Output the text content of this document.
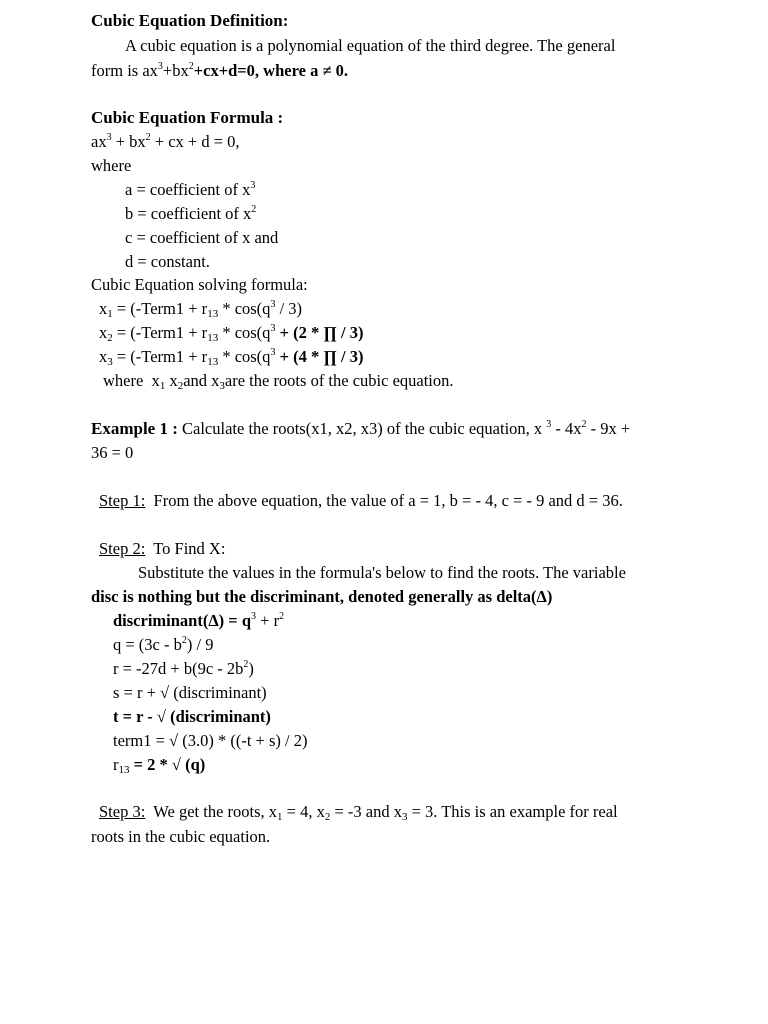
Cubic Equation Definition:
A cubic equation is a polynomial equation of the third degree. The general
form is $ax^3+bx^2+cx+d=0$, where a ≠ 0.
Cubic Equation Formula :
$ax^3 + bx^2$ + cx + d = 0,
where
a = coefficient of $x^3$
b = coefficient of $x^2$
c = coefficient of x and
d = constant.
Cubic Equation solving formula:
$x_1$ = (-Term1 + $r_{13} * \cos(q^3 / 3)$
$x_2$ = (-Term1 + $r_{13} * \cos(q^3 + (2$ * ∏ / 3)
$x_3$ = (-Term1 + $r_{13} * \cos(q^3 + (4$ * ∏ / 3)
where  $x_1$ $x_2and$ $x_3are$ the roots of the cubic equation.
Example 1 : Calculate the roots(x1, x2, x3) of the cubic equation, x $^3 - 4x^2 - 9x$ +
36 = 0
Step 1:  From the above equation, the value of a = 1, b = - 4, c = - 9 and d = 36.
Step 2:  To Find X:
Substitute the values in the formula's below to find the roots. The variable
disc is nothing but the discriminant, denoted generally as delta(Δ)
discriminant(Δ) = $q^3 + r^2$
$q = (3c - b^2) / 9$
$r = -27d + b(9c - 2b^2)$
s = r + √ (discriminant)
t = r - √ (discriminant)
term1 = √ (3.0) * ((-t + s) / 2)
$r_{13} = 2$ * √ (q)
Step 3:  We get the roots, $x_1 = 4$, $x_2 = -3$ and $x_3 = 3$. This is an example for real
roots in the cubic equation.
